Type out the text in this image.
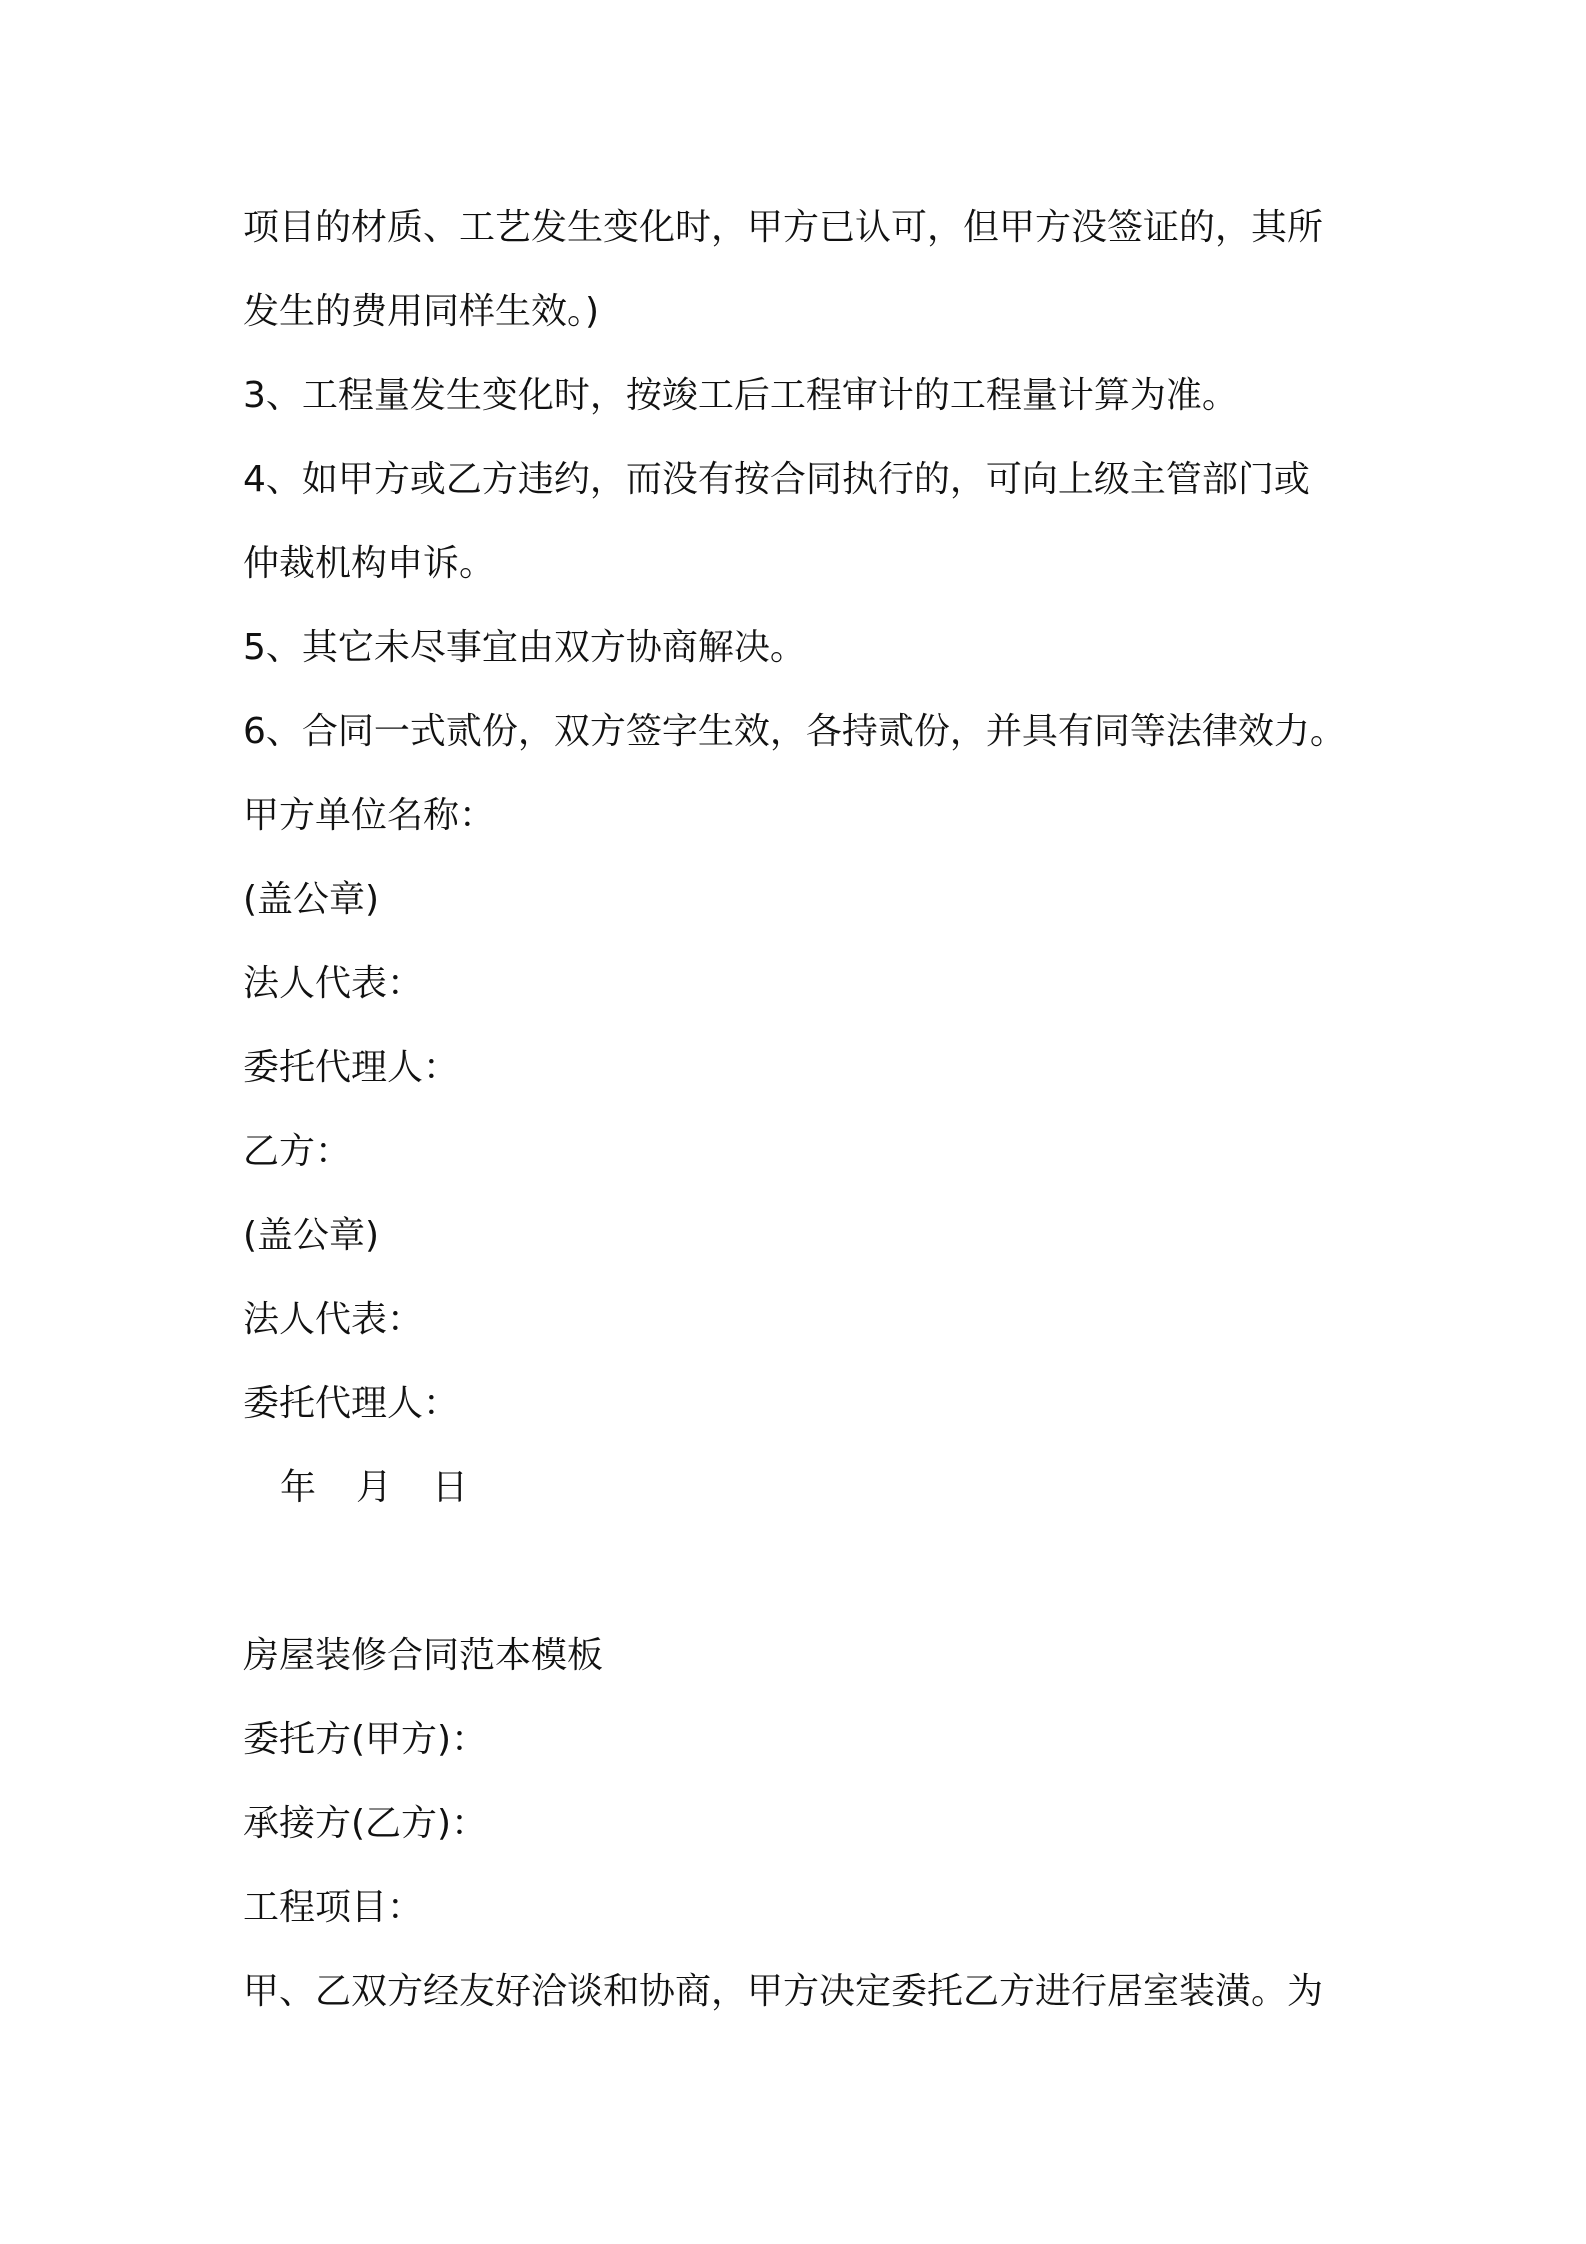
项目的材质、工艺发生变化时，甲方已认可，但甲方没签证的，其所
发生的费用同样生效。)
3、工程量发生变化时，按竣工后工程审计的工程量计算为准。
4、如甲方或乙方违约，而没有按合同执行的，可向上级主管部门或
仲裁机构申诉。
5、其它未尽事宜由双方协商解决。
6、合同一式贰份，双方签字生效，各持贰份，并具有同等法律效力。
甲方单位名称：
(盖公章)
法人代表：
委托代理人：
乙方：
(盖公章)
法人代表：
委托代理人：
年 月 日
房屋装修合同范本模板
委托方(甲方)：
承接方(乙方)：
工程项目：
甲、乙双方经友好洽谈和协商，甲方决定委托乙方进行居室装潢。为
